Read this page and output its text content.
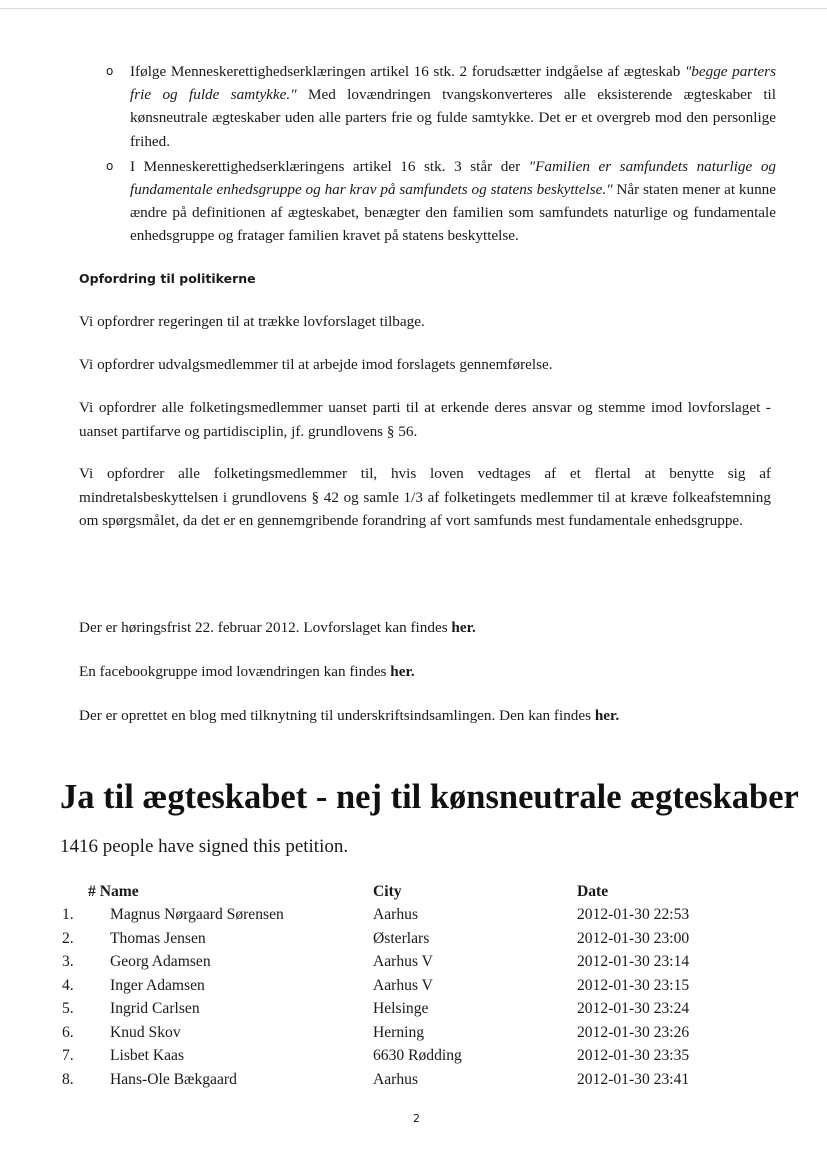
o Ifølge Menneskerettighedserklæringen artikel 16 stk. 2 forudsætter indgåelse af ægteskab "begge parters frie og fulde samtykke." Med lovændringen tvangskonverteres alle eksisterende ægteskaber til kønsneutrale ægteskaber uden alle parters frie og fulde samtykke. Det er et overgreb mod den personlige frihed.
o I Menneskerettighedserklæringens artikel 16 stk. 3 står der "Familien er samfundets naturlige og fundamentale enhedsgruppe og har krav på samfundets og statens beskyttelse." Når staten mener at kunne ændre på definitionen af ægteskabet, benægter den familien som samfundets naturlige og fundamentale enhedsgruppe og fratager familien kravet på statens beskyttelse.
Opfordring til politikerne
Vi opfordrer regeringen til at trække lovforslaget tilbage.
Vi opfordrer udvalgsmedlemmer til at arbejde imod forslagets gennemførelse.
Vi opfordrer alle folketingsmedlemmer uanset parti til at erkende deres ansvar og stemme imod lovforslaget - uanset partifarve og partidisciplin, jf. grundlovens § 56.
Vi opfordrer alle folketingsmedlemmer til, hvis loven vedtages af et flertal at benytte sig af mindretalsbeskyttelsen i grundlovens § 42 og samle 1/3 af folketingets medlemmer til at kræve folkeafstemning om spørgsmålet, da det er en gennemgribende forandring af vort samfunds mest fundamentale enhedsgruppe.
Der er høringsfrist 22. februar 2012. Lovforslaget kan findes her.
En facebookgruppe imod lovændringen kan findes her.
Der er oprettet en blog med tilknytning til underskriftsindsamlingen. Den kan findes her.
Ja til ægteskabet - nej til kønsneutrale ægteskaber
1416 people have signed this petition.
# Name		City	Date
1.	Magnus Nørgaard Sørensen	Aarhus	2012-01-30 22:53
2.	Thomas Jensen	Østerlars	2012-01-30 23:00
3.	Georg Adamsen	Aarhus V	2012-01-30 23:14
4.	Inger Adamsen	Aarhus V	2012-01-30 23:15
5.	Ingrid Carlsen	Helsinge	2012-01-30 23:24
6.	Knud Skov	Herning	2012-01-30 23:26
7.	Lisbet Kaas	6630 Rødding	2012-01-30 23:35
8.	Hans-Ole Bækgaard	Aarhus	2012-01-30 23:41
2
